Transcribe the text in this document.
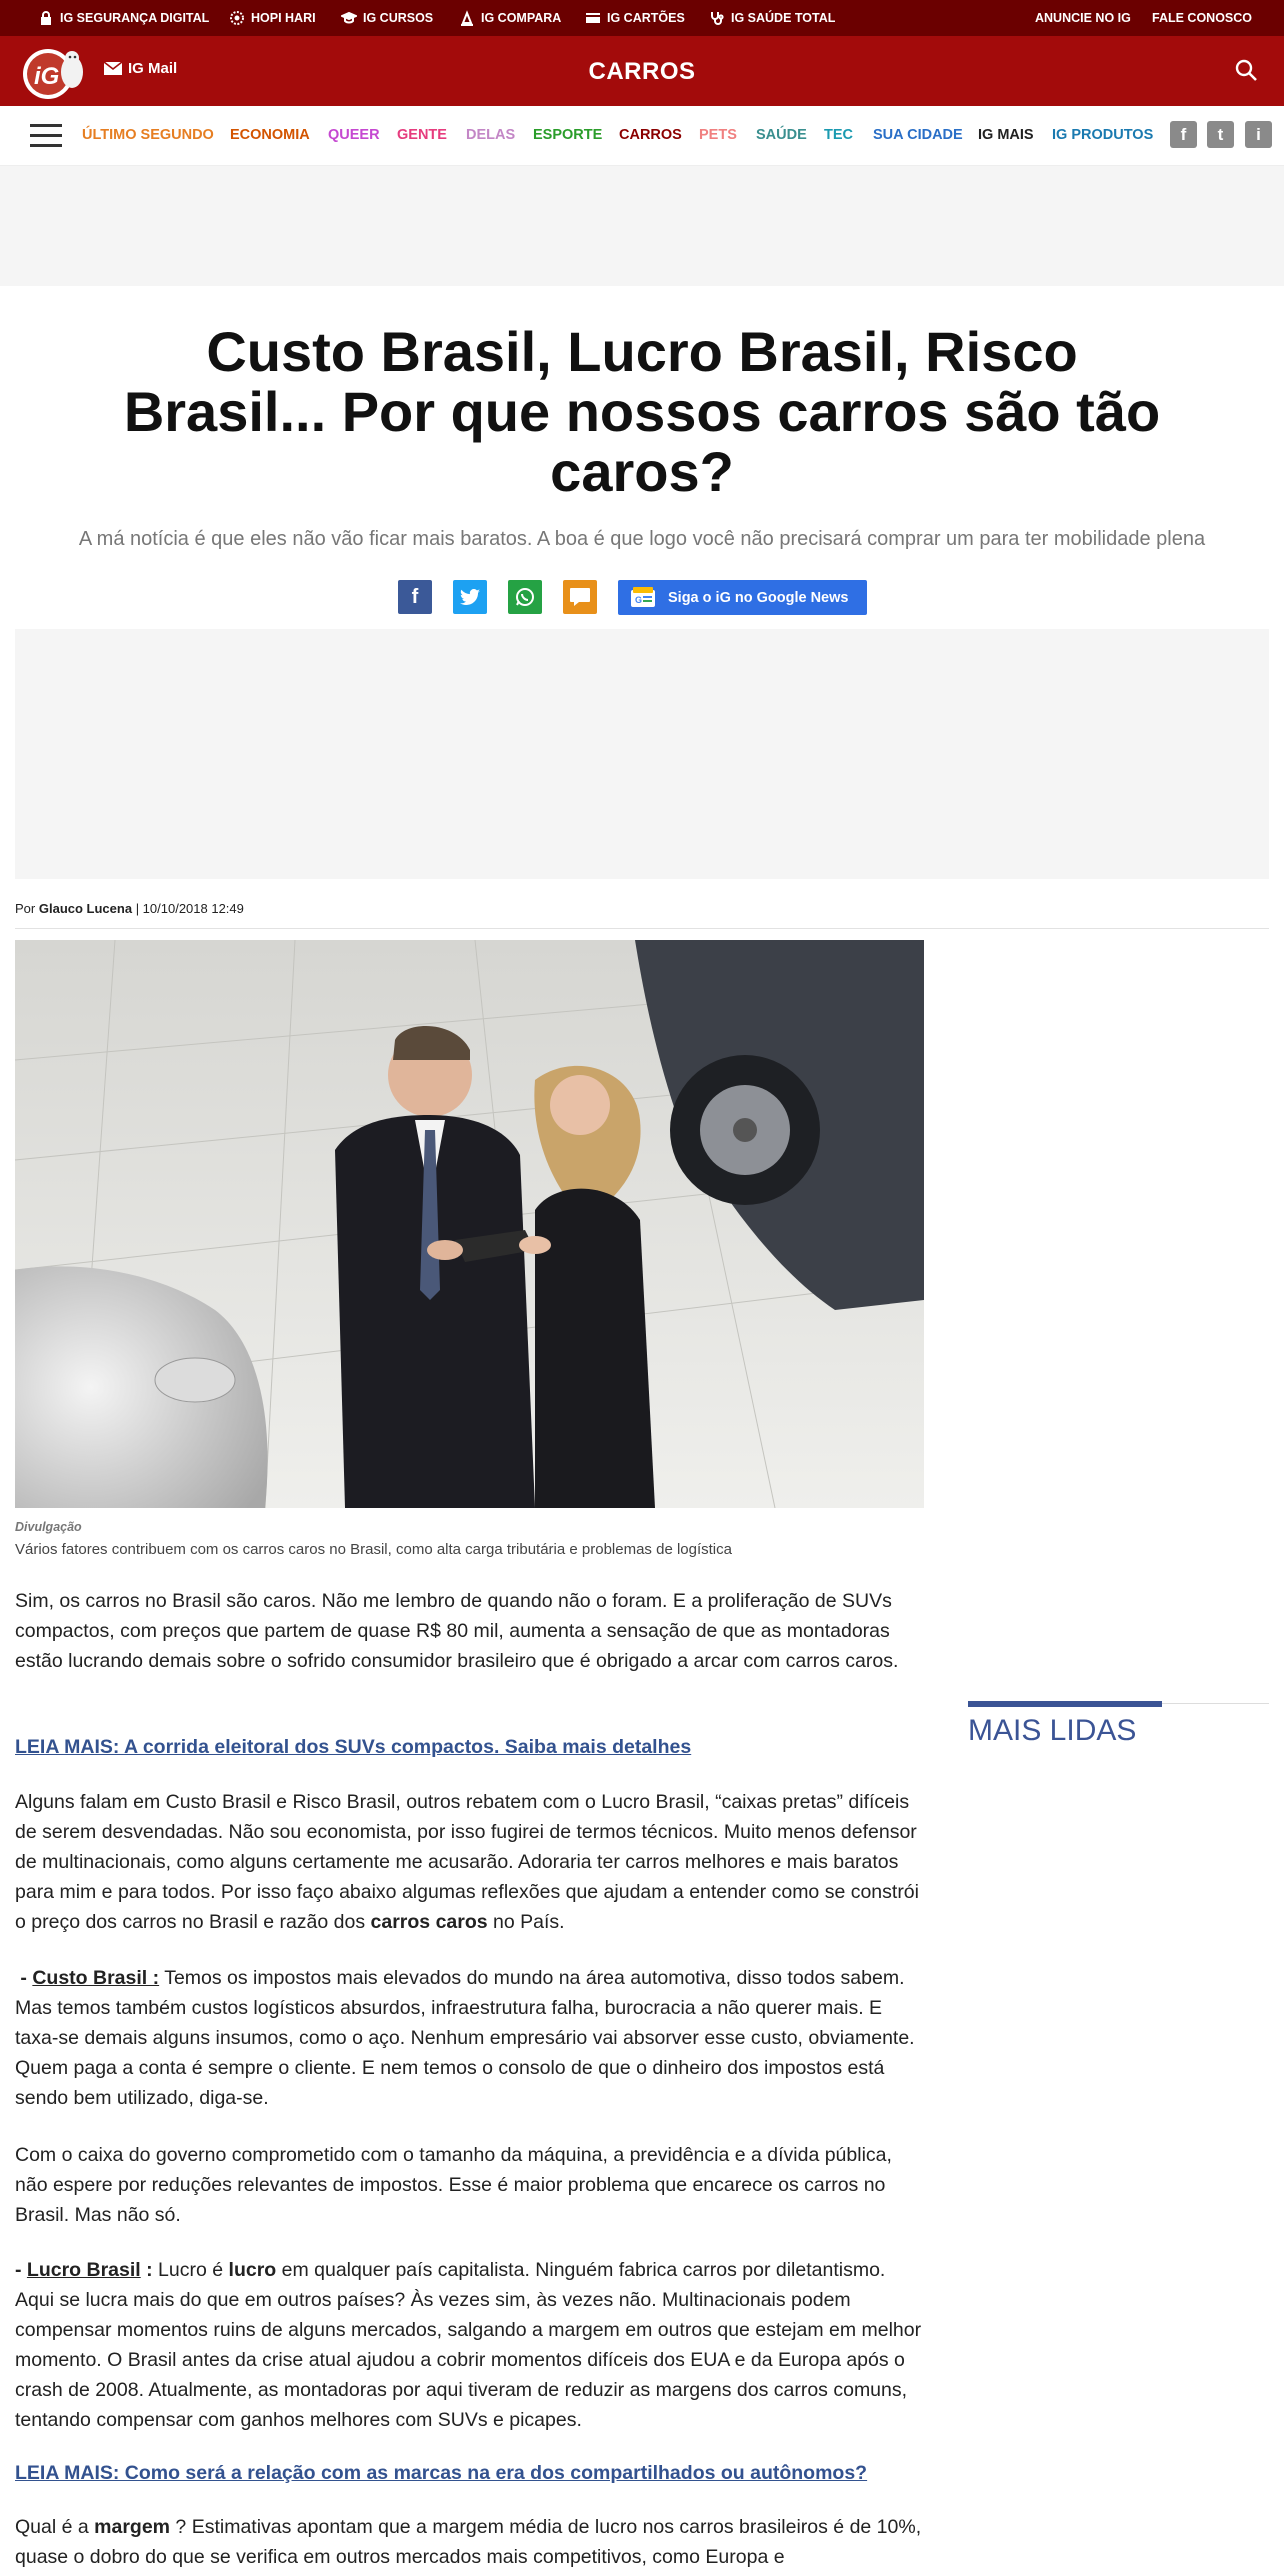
IG SEGURANÇA DIGITAL	HOPI HARI	IG CURSOS	IG COMPARA	IG CARTÕES	IG SAÚDE TOTAL	ANUNCIE NO IG FALE CONOSCO
iG	IG Mail	CARROS
ÚLTIMO SEGUNDO ECONOMIA QUEER GENTE DELAS ESPORTE CARROS PETS SAÚDE TEC SUA CIDADE IG MAIS IG PRODUTOS	f	t	i
Custo Brasil, Lucro Brasil, Risco Brasil... Por que nossos carros são tão caros?
A má notícia é que eles não vão ficar mais baratos. A boa é que logo você não precisará comprar um para ter mobilidade plena
f	G Siga o iG no Google News
Por Glauco Lucena | 10/10/2018 12:49
Divulgação
Vários fatores contribuem com os carros caros no Brasil, como alta carga tributária e problemas de logística
Sim, os carros no Brasil são caros. Não me lembro de quando não o foram. E a proliferação de SUVs compactos, com preços que partem de quase R$ 80 mil, aumenta a sensação de que as montadoras estão lucrando demais sobre o sofrido consumidor brasileiro que é obrigado a arcar com carros caros.
LEIA MAIS: A corrida eleitoral dos SUVs compactos. Saiba mais detalhes
Alguns falam em Custo Brasil e Risco Brasil, outros rebatem com o Lucro Brasil, “caixas pretas” difíceis de serem desvendadas. Não sou economista, por isso fugirei de termos técnicos. Muito menos defensor de multinacionais, como alguns certamente me acusarão. Adoraria ter carros melhores e mais baratos para mim e para todos. Por isso faço abaixo algumas reflexões que ajudam a entender como se constrói o preço dos carros no Brasil e razão dos carros caros no País.
- Custo Brasil : Temos os impostos mais elevados do mundo na área automotiva, disso todos sabem. Mas temos também custos logísticos absurdos, infraestrutura falha, burocracia a não querer mais. E taxa-se demais alguns insumos, como o aço. Nenhum empresário vai absorver esse custo, obviamente. Quem paga a conta é sempre o cliente. E nem temos o consolo de que o dinheiro dos impostos está sendo bem utilizado, diga-se.
Com o caixa do governo comprometido com o tamanho da máquina, a previdência e a dívida pública, não espere por reduções relevantes de impostos. Esse é maior problema que encarece os carros no Brasil. Mas não só.
- Lucro Brasil : Lucro é lucro em qualquer país capitalista. Ninguém fabrica carros por diletantismo. Aqui se lucra mais do que em outros países? Às vezes sim, às vezes não. Multinacionais podem compensar momentos ruins de alguns mercados, salgando a margem em outros que estejam em melhor momento. O Brasil antes da crise atual ajudou a cobrir momentos difíceis dos EUA e da Europa após o crash de 2008. Atualmente, as montadoras por aqui tiveram de reduzir as margens dos carros comuns, tentando compensar com ganhos melhores com SUVs e picapes.
LEIA MAIS: Como será a relação com as marcas na era dos compartilhados ou autônomos?
Qual é a margem ? Estimativas apontam que a margem média de lucro nos carros brasileiros é de 10%, quase o dobro do que se verifica em outros mercados mais competitivos, como Europa e
MAIS LIDAS
